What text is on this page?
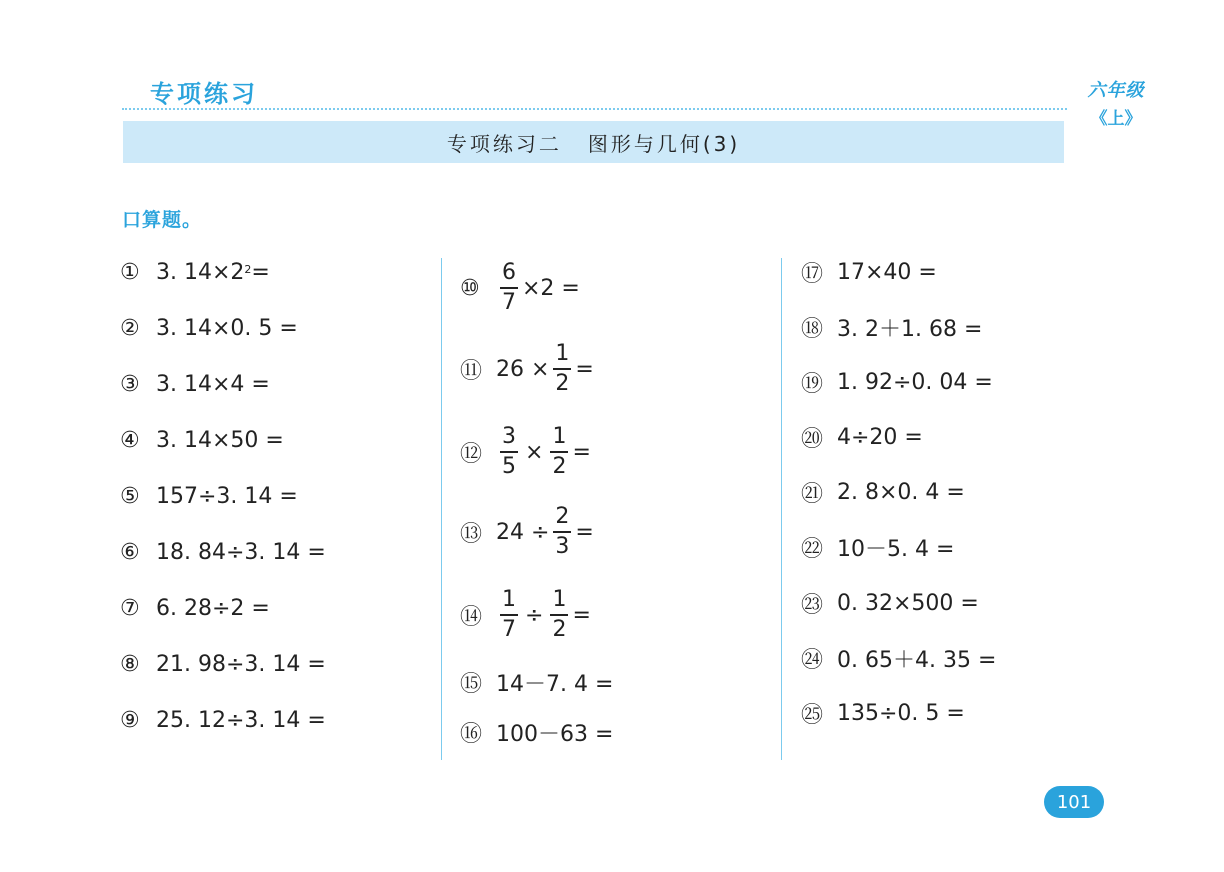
专项练习	六年级
《上》
专项练习二 图形与几何(3)
口算题。
① 3. $14\times 2^2$ =
② 3. 14×0. 5 =
③ 3. 14×4 =
④ 3. 14×50 =
⑤ 157÷3. 14 =
⑥ 18. 84÷3. 14 =
⑦ 6. 28÷2 =
⑧ 21. 98÷3. 14 =
⑨ 25. 12÷3. 14 =
⑩ $\frac{6}{7} \times 2$ =
⑪ $26 \times \frac{1}{2}$ =
⑫ $\frac{3}{5} \times \frac{1}{2}$ =
⑬ $24 \div \frac{2}{3}$ =
⑭ $\frac{1}{7} \div \frac{1}{2}$ =
⑮ 14－7. 4 =
⑯ 100－63 =
⑰ 17×40 =
⑱ 3. 2＋1. 68 =
⑲ 1. 92÷0. 04 =
⑳ 4÷20 =
㉑ 2. 8×0. 4 =
㉒ 10－5. 4 =
㉓ 0. 32×500 =
㉔ 0. 65＋4. 35 =
㉕ 135÷0. 5 =
101
